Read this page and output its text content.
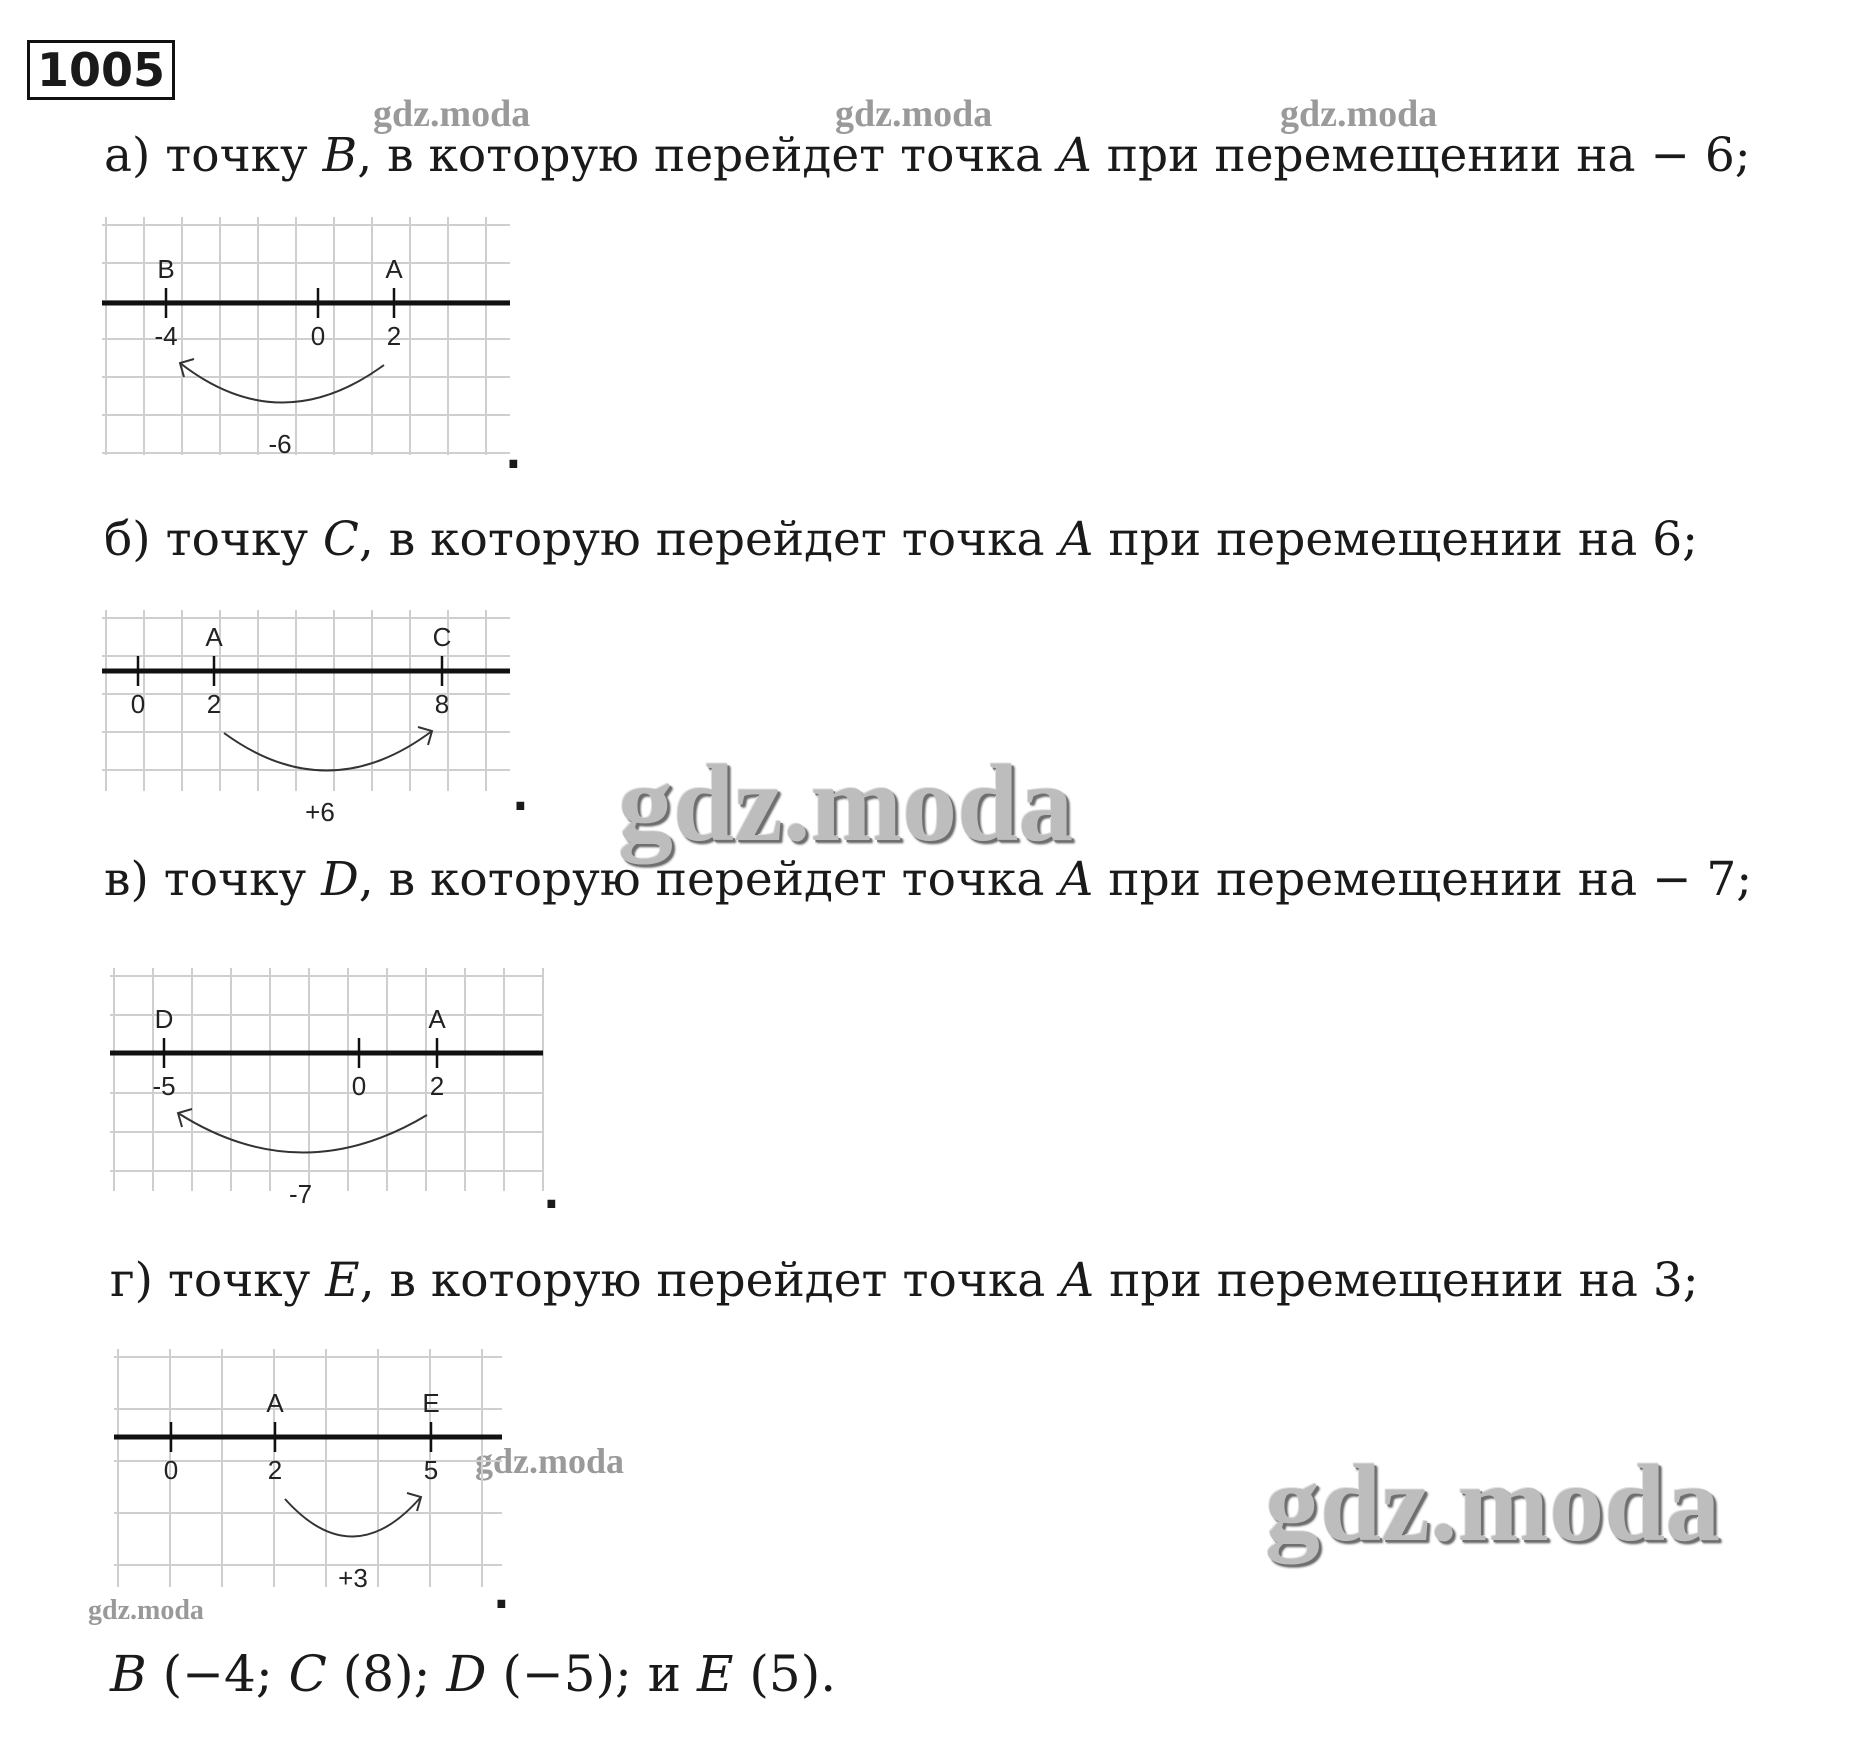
1005
gdz.moda	gdz.moda	gdz.moda
gdz.moda
gdz.moda
а) точку B, в которую перейдет точка A при перемещении на − 6;
б) точку C, в которую перейдет точка A при перемещении на 6;
в) точку D, в которую перейдет точка A при перемещении на − 7;
г) точку E, в которую перейдет точка A при перемещении на 3;
-4
B
0 2
A
-6
0 2
A
8
C
+6
-5
D
0 2
A
-7
0	2
A
5
E
+3
.
.
.
.
gdz.moda
gdz.moda
B (−4; C (8); D (−5); и E (5).
